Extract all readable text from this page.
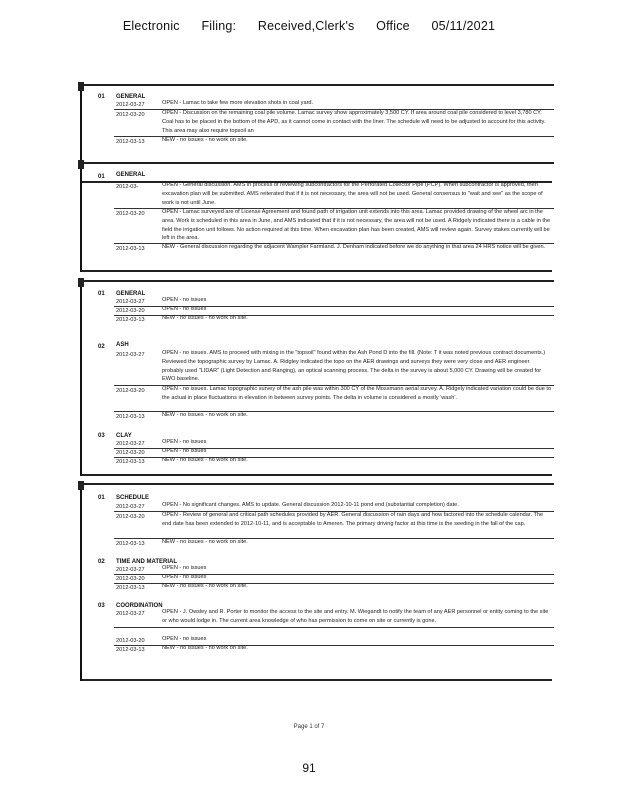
Electronic Filing: Received,Clerk's Office 05/11/2021
01 GENERAL
2012-03-27	OPEN - Lamac to take few more elevation shots in coal yard.
2012-03-20	OPEN - Discussion on the remaining coal pile volume. Lamac survey show approximately 3,500 CY. If area around coal pile considered to level 3,780 CY. Coal has to be placed in the bottom of the APD, as it cannot come in contact with the liner. The schedule will need to be adjusted to account for this activity. This area may also require topsoil an
2012-03-13	NEW - no issues - no work on site.
01 GENERAL
2012-03-	OPEN - General discussion. AMS in process of reviewing subcontractors for the Perforated Collector Pipe (PCP). When subcontractor is approved, then excavation plan will be submitted. AMS reiterated that if it is not necessary, the area will not be used. General consensus to "wait and see" as the scope of work is not until June.
2012-03-20	OPEN - Lamac surveyed are of License Agreement and found path of irrigation unit extends into this area. Lamac provided drawing of the wheel arc in the area. Work is scheduled in this area in June, and AMS indicated that if it is not necessary, the area will not be used. A Ridgely indicated there is a cable in the field the irrigation unit follows. No action required at this time. When excavation plan has been created, AMS will review again. Survey stakes currently will be left in the area.
2012-03-13	NEW - General discussion regarding the adjacent Wampler Farmland. J. Denham indicated before we do anything in that area 24 HRS notice will be given.
01 GENERAL
2012-03-27	OPEN - no issues
2012-03-20	OPEN - no issues
2012-03-13	NEW - no issues - no work on site.
02 ASH
2012-03-27	OPEN - no issues. AMS to proceed with mixing in the "topsoil" found within the Ash Pond D into the fill. (Note: T it was noted previous contract documents.) Reviewed the topographic survey by Lamac. A. Ridgley indicated the topo on the AER drawings and surveys they were very close and AER engineer probably used "LIDAR" (Light Detection and Ranging), an optical scanning process. The delta in the survey is about 5,000 CY. Drawing will be created for EWO baseline.
2012-03-20	OPEN - no issues. Lamac topographic survey of the ash pile was within 300 CY of the Mossmann aerial survey. A. Ridgely indicated variation could be due to the actual in place fluctuations in elevation in between survey points. The delta in volume is considered a mostly 'wash'.
2012-03-13	NEW - no issues - no work on site.
03 CLAY
2012-03-27	OPEN - no issues
2012-03-20	OPEN - no issues
2012-03-13	NEW - no issues - no work on site.
01 SCHEDULE
2012-03-27	OPEN - No significant changes. AMS to update. General discussion 2012-10-11 pond end (substantial completion) date.
2012-03-20	OPEN - Review of general and critical path schedules provided by AER. General discussion of rain days and how factored into the schedule calendar. The end date has been extended to 2012-10-11, and is acceptable to Ameren. The primary driving factor at this time is the seeding in the fall of the cap.
2012-03-13	NEW - no issues - no work on site.
02 TIME AND MATERIAL
2012-03-27	OPEN - no issues
2012-03-20	OPEN - no issues
2012-03-13	NEW - no issues - no work on site.
03 COORDINATION
2012-03-27	OPEN - J. Owsley and R. Porter to monitor the access to the site and entry. M. Wiegandt to notify the team of any AER personnel or entity coming to the site or who would lodge in. The current area knowledge of who has permission to come on site or currently is gone.
2012-03-20	OPEN - no issues
2012-03-13	NEW - no issues - no work on site.
Page 1 of 7
91
